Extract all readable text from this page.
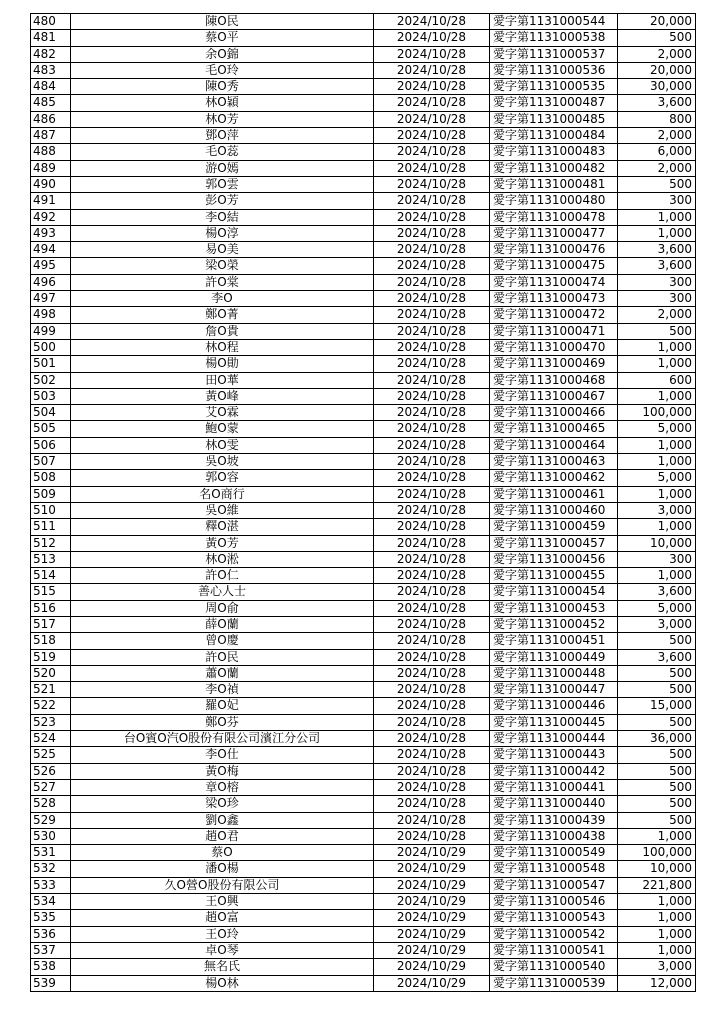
480	陳O民	2024/10/28	愛字第1131000544	20,000
481	蔡O平	2024/10/28	愛字第1131000538	500
482	余O錦	2024/10/28	愛字第1131000537	2,000
483	毛O玲	2024/10/28	愛字第1131000536	20,000
484	陳O秀	2024/10/28	愛字第1131000535	30,000
485	林O穎	2024/10/28	愛字第1131000487	3,600
486	林O芳	2024/10/28	愛字第1131000485	800
487	鄧O萍	2024/10/28	愛字第1131000484	2,000
488	毛O蕊	2024/10/28	愛字第1131000483	6,000
489	游O嫣	2024/10/28	愛字第1131000482	2,000
490	郭O雲	2024/10/28	愛字第1131000481	500
491	彭O芳	2024/10/28	愛字第1131000480	300
492	李O結	2024/10/28	愛字第1131000478	1,000
493	楊O淳	2024/10/28	愛字第1131000477	1,000
494	易O美	2024/10/28	愛字第1131000476	3,600
495	梁O榮	2024/10/28	愛字第1131000475	3,600
496	許O棠	2024/10/28	愛字第1131000474	300
497	李O	2024/10/28	愛字第1131000473	300
498	鄭O菁	2024/10/28	愛字第1131000472	2,000
499	詹O貴	2024/10/28	愛字第1131000471	500
500	林O程	2024/10/28	愛字第1131000470	1,000
501	楊O勛	2024/10/28	愛字第1131000469	1,000
502	田O華	2024/10/28	愛字第1131000468	600
503	黃O峰	2024/10/28	愛字第1131000467	1,000
504	艾O霖	2024/10/28	愛字第1131000466	100,000
505	鮑O蒙	2024/10/28	愛字第1131000465	5,000
506	林O雯	2024/10/28	愛字第1131000464	1,000
507	吳O坡	2024/10/28	愛字第1131000463	1,000
508	郭O容	2024/10/28	愛字第1131000462	5,000
509	名O商行	2024/10/28	愛字第1131000461	1,000
510	吳O維	2024/10/28	愛字第1131000460	3,000
511	釋O湛	2024/10/28	愛字第1131000459	1,000
512	黃O芳	2024/10/28	愛字第1131000457	10,000
513	林O淞	2024/10/28	愛字第1131000456	300
514	許O仁	2024/10/28	愛字第1131000455	1,000
515	善心人士	2024/10/28	愛字第1131000454	3,600
516	周O俞	2024/10/28	愛字第1131000453	5,000
517	薛O蘭	2024/10/28	愛字第1131000452	3,000
518	曾O慶	2024/10/28	愛字第1131000451	500
519	許O民	2024/10/28	愛字第1131000449	3,600
520	蕭O蘭	2024/10/28	愛字第1131000448	500
521	李O禎	2024/10/28	愛字第1131000447	500
522	羅O妃	2024/10/28	愛字第1131000446	15,000
523	鄭O芬	2024/10/28	愛字第1131000445	500
524	台O賓O汽O股份有限公司濱江分公司	2024/10/28	愛字第1131000444	36,000
525	李O仕	2024/10/28	愛字第1131000443	500
526	黃O梅	2024/10/28	愛字第1131000442	500
527	章O榕	2024/10/28	愛字第1131000441	500
528	梁O珍	2024/10/28	愛字第1131000440	500
529	劉O鑫	2024/10/28	愛字第1131000439	500
530	趙O君	2024/10/28	愛字第1131000438	1,000
531	蔡O	2024/10/29	愛字第1131000549	100,000
532	潘O楊	2024/10/29	愛字第1131000548	10,000
533	久O營O股份有限公司	2024/10/29	愛字第1131000547	221,800
534	王O興	2024/10/29	愛字第1131000546	1,000
535	趙O富	2024/10/29	愛字第1131000543	1,000
536	王O玲	2024/10/29	愛字第1131000542	1,000
537	卓O琴	2024/10/29	愛字第1131000541	1,000
538	無名氏	2024/10/29	愛字第1131000540	3,000
539	楊O林	2024/10/29	愛字第1131000539	12,000
